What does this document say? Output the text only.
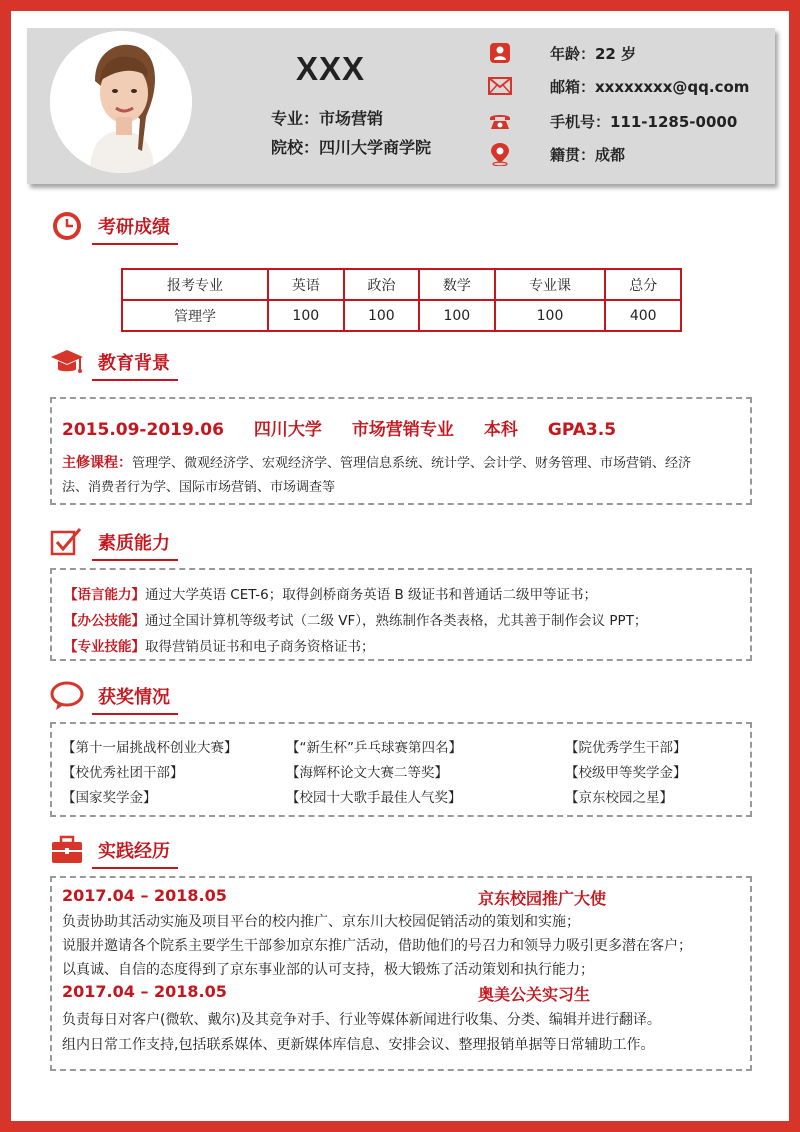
XXX
专业：市场营销
院校：四川大学商学院
年龄：22 岁
邮箱：xxxxxxxx@qq.com
手机号：111-1285-0000
籍贯：成都
考研成绩
报考专业	英语	政治	数学	专业课	总分
管理学	100	100	100	100	400
教育背景
2015.09-2019.06 四川大学 市场营销专业 本科 GPA3.5
主修课程：管理学、微观经济学、宏观经济学、管理信息系统、统计学、会计学、财务管理、市场营销、经济
法、消费者行为学、国际市场营销、市场调查等
素质能力
【语言能力】通过大学英语 CET-6；取得剑桥商务英语 B 级证书和普通话二级甲等证书；
【办公技能】通过全国计算机等级考试（二级 VF），熟练制作各类表格，尤其善于制作会议 PPT；
【专业技能】取得营销员证书和电子商务资格证书；
获奖情况
【第十一届挑战杯创业大赛】	【“新生杯”乒乓球赛第四名】	【院优秀学生干部】
【校优秀社团干部】	【海辉杯论文大赛二等奖】	【校级甲等奖学金】
【国家奖学金】	【校园十大歌手最佳人气奖】	【京东校园之星】
实践经历
2017.04 – 2018.05	京东校园推广大使
负责协助其活动实施及项目平台的校内推广、京东川大校园促销活动的策划和实施；
说服并邀请各个院系主要学生干部参加京东推广活动，借助他们的号召力和领导力吸引更多潜在客户；
以真诚、自信的态度得到了京东事业部的认可支持，极大锻炼了活动策划和执行能力；
2017.04 – 2018.05	奥美公关实习生
负责每日对客户(微软、戴尔)及其竞争对手、行业等媒体新闻进行收集、分类、编辑并进行翻译。
组内日常工作支持,包括联系媒体、更新媒体库信息、安排会议、整理报销单据等日常辅助工作。
